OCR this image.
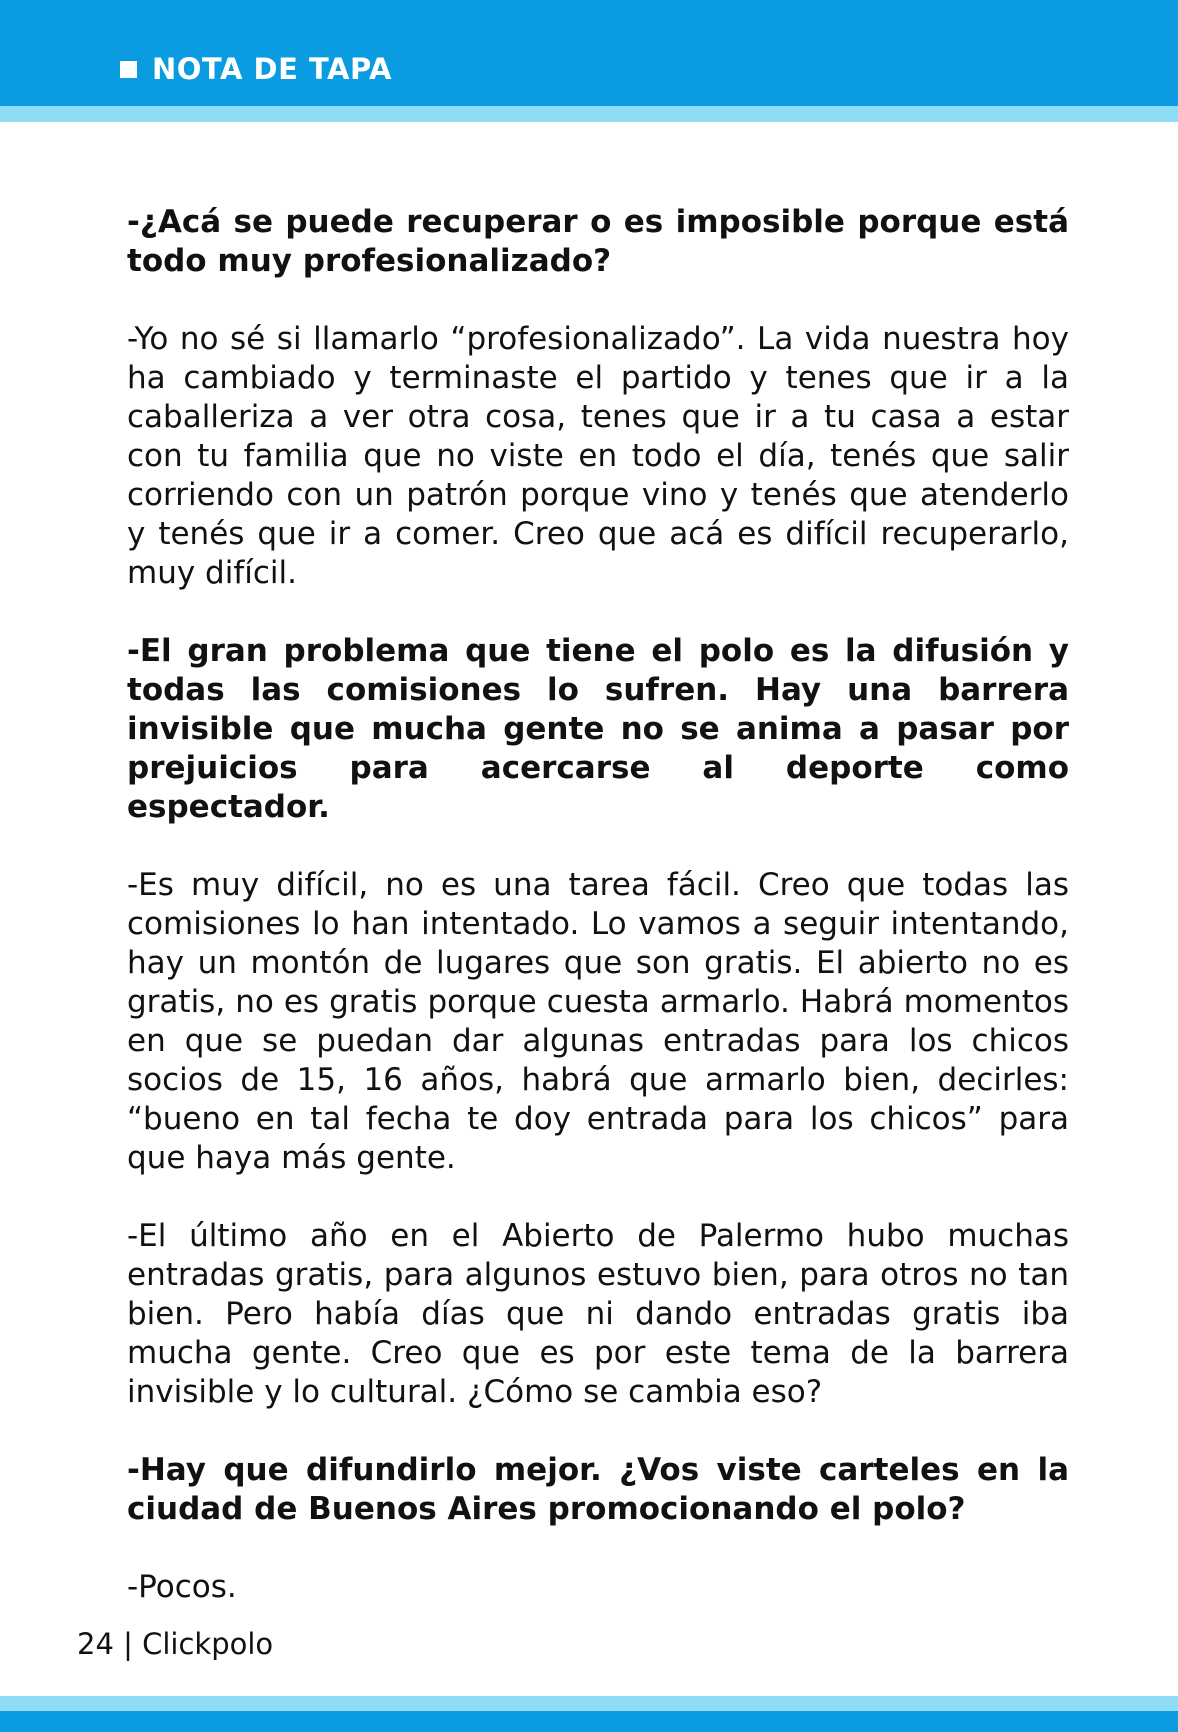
NOTA DE TAPA

-¿Acá se puede recuperar o es imposible porque está todo muy profesionalizado?

-Yo no sé si llamarlo “profesionalizado”. La vida nuestra hoy ha cambiado y terminaste el partido y tenes que ir a la caballeriza a ver otra cosa, tenes que ir a tu casa a estar con tu familia que no viste en todo el día, tenés que salir corriendo con un patrón porque vino y tenés que atenderlo y tenés que ir a comer. Creo que acá es difícil recuperarlo, muy difícil.

-El gran problema que tiene el polo es la difusión y todas las comisiones lo sufren. Hay una barrera invisible que mucha gente no se anima a pasar por prejuicios para acercarse al deporte como espectador.

-Es muy difícil, no es una tarea fácil. Creo que todas las comisiones lo han intentado. Lo vamos a seguir intentando, hay un montón de lugares que son gratis. El abierto no es gratis, no es gratis porque cuesta armarlo. Habrá momentos en que se puedan dar algunas entradas para los chicos socios de 15, 16 años, habrá que armarlo bien, decirles: “bueno en tal fecha te doy entrada para los chicos” para que haya más gente.

-El último año en el Abierto de Palermo hubo muchas entradas gratis, para algunos estuvo bien, para otros no tan bien. Pero había días que ni dando entradas gratis iba mucha gente. Creo que es por este tema de la barrera invisible y lo cultural. ¿Cómo se cambia eso?

-Hay que difundirlo mejor. ¿Vos viste carteles en la ciudad de Buenos Aires promocionando el polo?

-Pocos.

24 | Clickpolo
